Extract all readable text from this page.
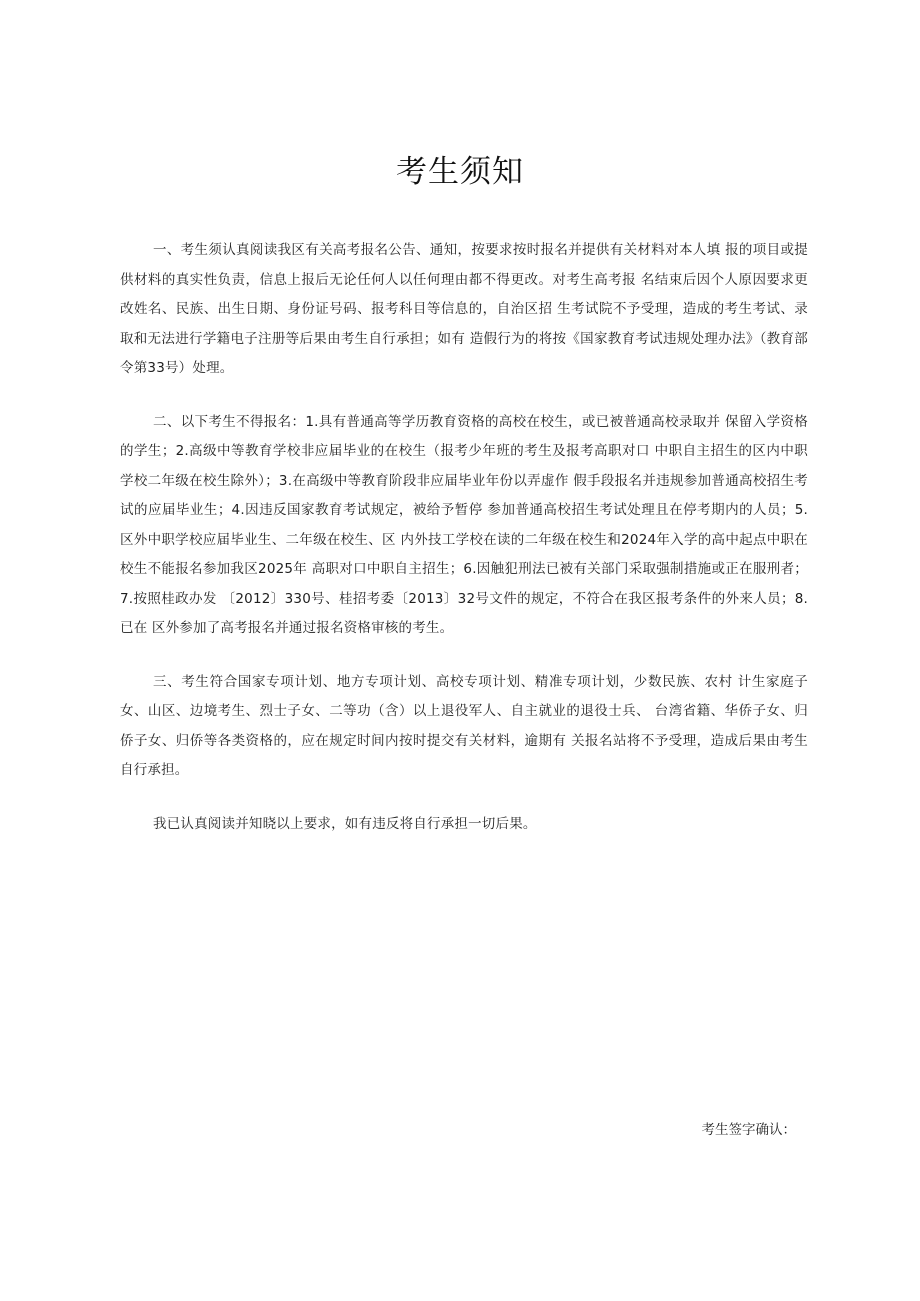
考生须知

一、考生须认真阅读我区有关高考报名公告、通知，按要求按时报名并提供有关材料对本人填 报的项目或提供材料的真实性负责，信息上报后无论任何人以任何理由都不得更改。对考生高考报 名结束后因个人原因要求更改姓名、民族、出生日期、身份证号码、报考科目等信息的，自治区招 生考试院不予受理，造成的考生考试、录取和无法进行学籍电子注册等后果由考生自行承担；如有 造假行为的将按《国家教育考试违规处理办法》（教育部令第33号）处理。

二、以下考生不得报名：1.具有普通高等学历教育资格的高校在校生，或已被普通高校录取并 保留入学资格的学生；2.高级中等教育学校非应届毕业的在校生（报考少年班的考生及报考高职对口 中职自主招生的区内中职学校二年级在校生除外）；3.在高级中等教育阶段非应届毕业年份以弄虚作 假手段报名并违规参加普通高校招生考试的应届毕业生；4.因违反国家教育考试规定，被给予暂停 参加普通高校招生考试处理且在停考期内的人员；5.区外中职学校应届毕业生、二年级在校生、区 内外技工学校在读的二年级在校生和2024年入学的高中起点中职在校生不能报名参加我区2025年 高职对口中职自主招生；6.因触犯刑法已被有关部门采取强制措施或正在服刑者；7.按照桂政办发 〔2012〕330号、桂招考委〔2013〕32号文件的规定，不符合在我区报考条件的外来人员；8.已在 区外参加了高考报名并通过报名资格审核的考生。

三、考生符合国家专项计划、地方专项计划、高校专项计划、精准专项计划，少数民族、农村 计生家庭子女、山区、边境考生、烈士子女、二等功（含）以上退役军人、自主就业的退役士兵、 台湾省籍、华侨子女、归侨子女、归侨等各类资格的，应在规定时间内按时提交有关材料，逾期有 关报名站将不予受理，造成后果由考生自行承担。

我已认真阅读并知晓以上要求，如有违反将自行承担一切后果。

考生签字确认：
